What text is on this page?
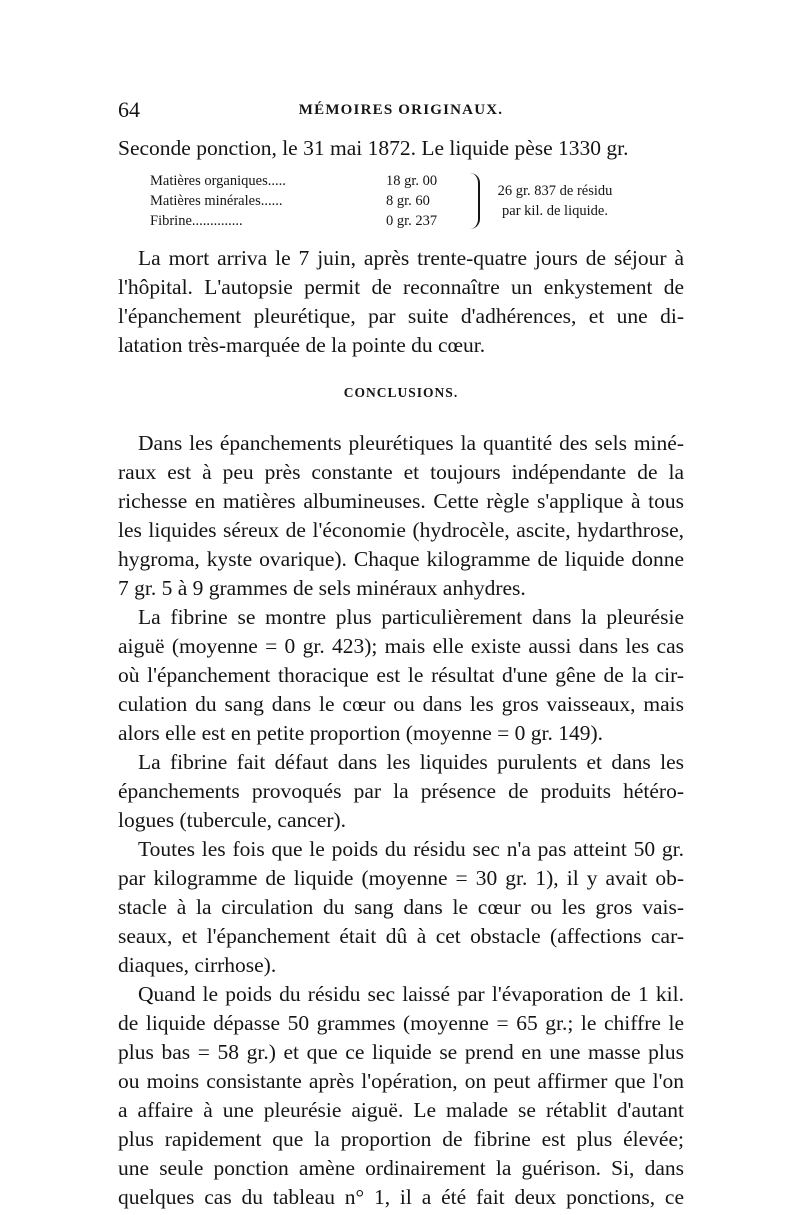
64	MÉMOIRES ORIGINAUX.
Seconde ponction, le 31 mai 1872. Le liquide pèse 1330 gr.
Matières organiques.....	18 gr. 00
Matières minérales......	8 gr. 60
Fibrine..............	0 gr. 237
26 gr. 837 de résidu
par kil. de liquide.
La mort arriva le 7 juin, après trente-quatre jours de séjour à
l'hôpital. L'autopsie permit de reconnaître un enkystement de
l'épanchement pleurétique, par suite d'adhérences, et une di-
latation très-marquée de la pointe du cœur.
CONCLUSIONS.
Dans les épanchements pleurétiques la quantité des sels miné-
raux est à peu près constante et toujours indépendante de la
richesse en matières albumineuses. Cette règle s'applique à tous
les liquides séreux de l'économie (hydrocèle, ascite, hydarthrose,
hygroma, kyste ovarique). Chaque kilogramme de liquide donne
7 gr. 5 à 9 grammes de sels minéraux anhydres.
La fibrine se montre plus particulièrement dans la pleurésie
aiguë (moyenne = 0 gr. 423); mais elle existe aussi dans les cas
où l'épanchement thoracique est le résultat d'une gêne de la cir-
culation du sang dans le cœur ou dans les gros vaisseaux, mais
alors elle est en petite proportion (moyenne = 0 gr. 149).
La fibrine fait défaut dans les liquides purulents et dans les
épanchements provoqués par la présence de produits hétéro-
logues (tubercule, cancer).
Toutes les fois que le poids du résidu sec n'a pas atteint 50 gr.
par kilogramme de liquide (moyenne = 30 gr. 1), il y avait ob-
stacle à la circulation du sang dans le cœur ou les gros vais-
seaux, et l'épanchement était dû à cet obstacle (affections car-
diaques, cirrhose).
Quand le poids du résidu sec laissé par l'évaporation de 1 kil.
de liquide dépasse 50 grammes (moyenne = 65 gr.; le chiffre le
plus bas = 58 gr.) et que ce liquide se prend en une masse plus
ou moins consistante après l'opération, on peut affirmer que l'on
a affaire à une pleurésie aiguë. Le malade se rétablit d'autant
plus rapidement que la proportion de fibrine est plus élevée;
une seule ponction amène ordinairement la guérison. Si, dans
quelques cas du tableau n° 1, il a été fait deux ponctions, ce
